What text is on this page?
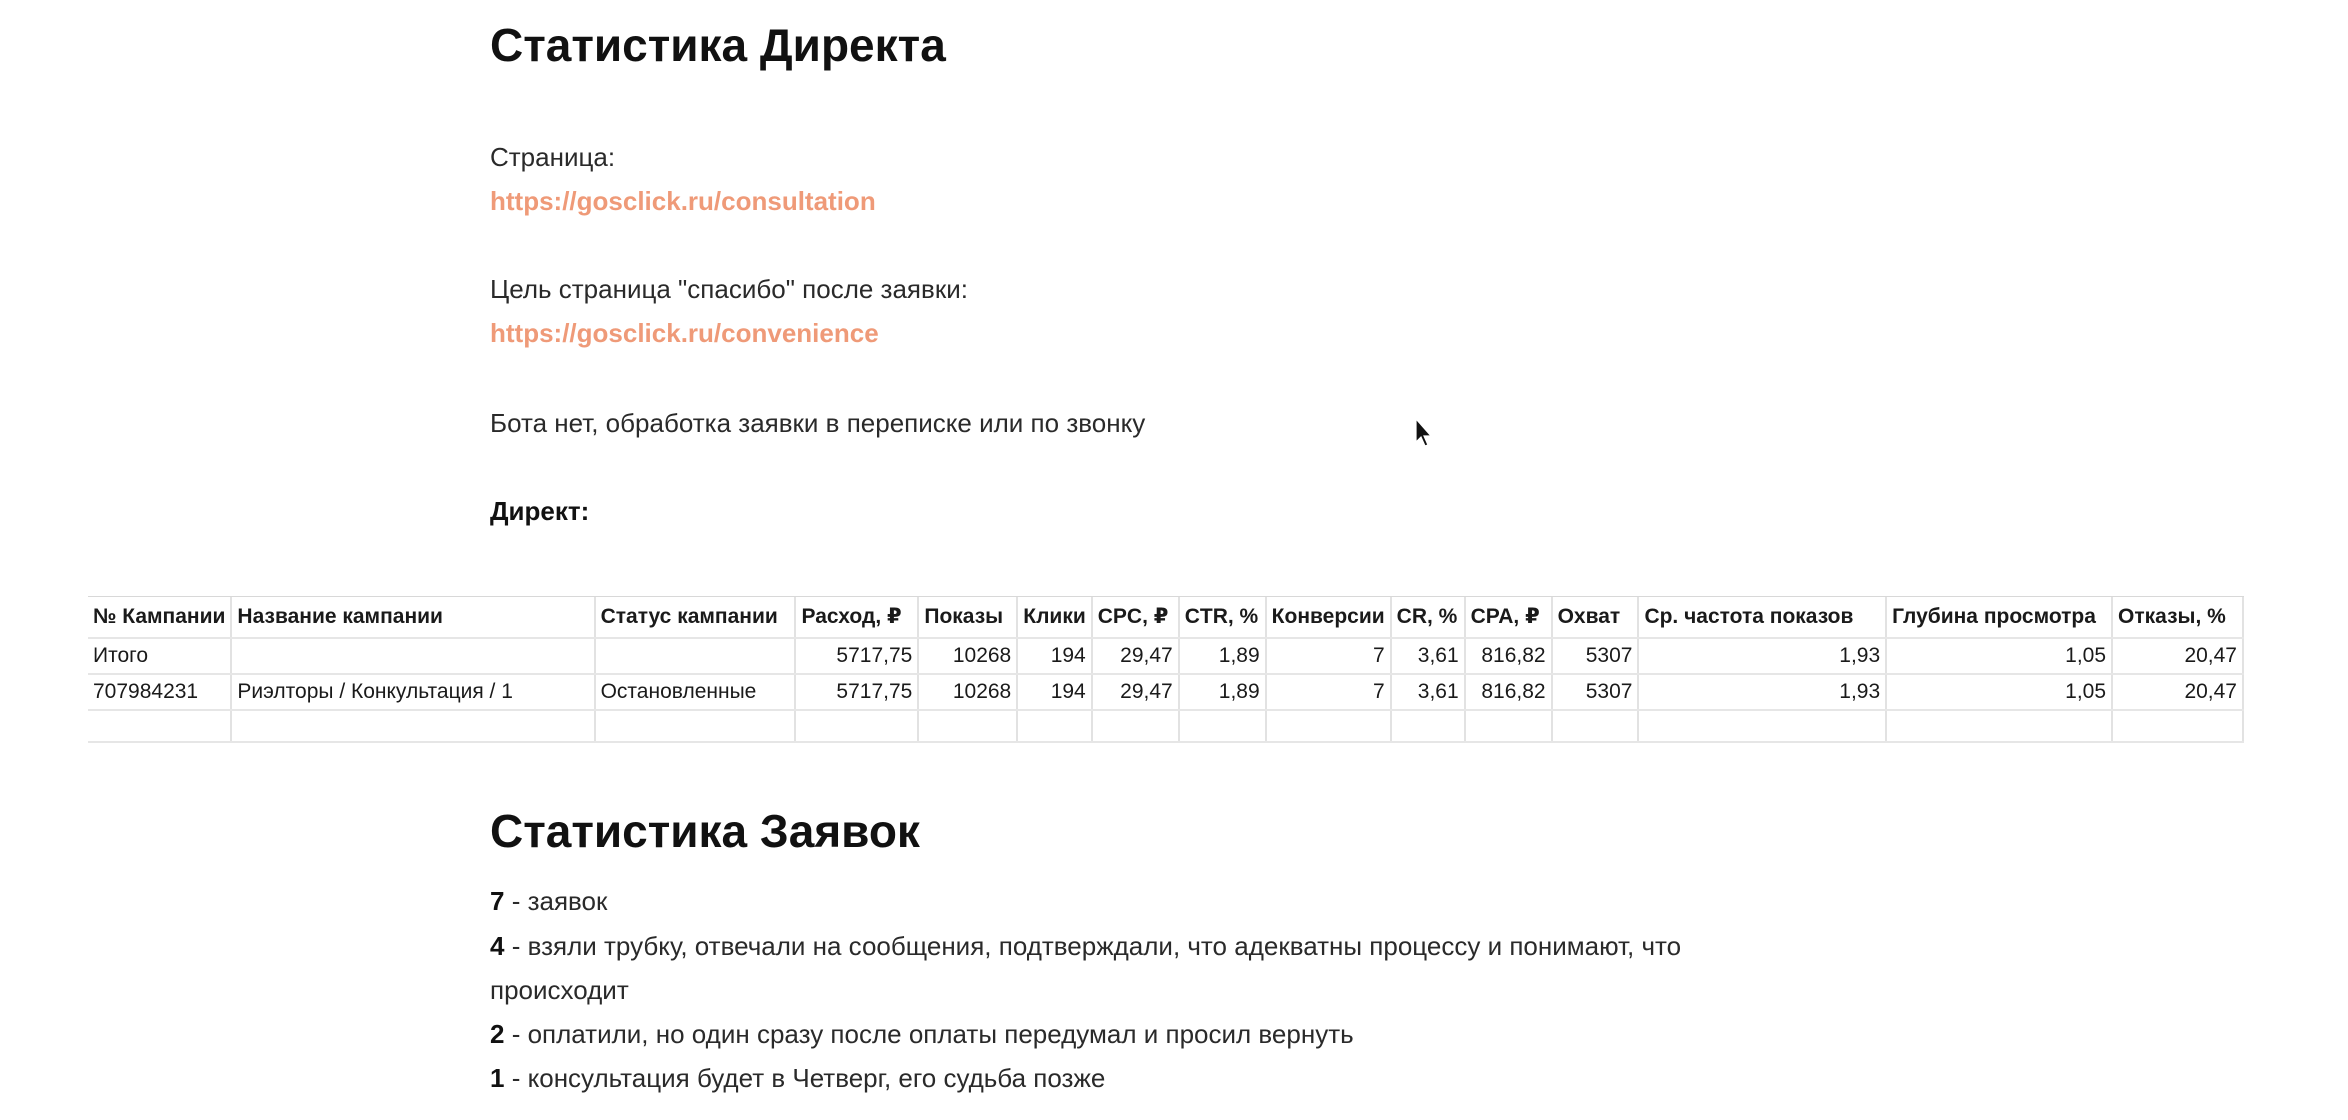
Статистика Директа
Страница:
https://gosclick.ru/consultation
Цель страница "спасибо" после заявки:
https://gosclick.ru/convenience
Бота нет, обработка заявки в переписке или по звонку
Директ:
Статистика Заявок
7 - заявок
4 - взяли трубку, отвечали на сообщения, подтверждали, что адекватны процессу и понимают, что
происходит
2 - оплатили, но один сразу после оплаты передумал и просил вернуть
1 - консультация будет в Четверг, его судьба позже
№ Кампании	Название кампании	Статус кампании	Расход, ₽	Показы	Клики	CPC, ₽	CTR, %	Конверсии	CR, %	CPA, ₽	Охват	Ср. частота показов	Глубина просмотра	Отказы, %
Итого			5717,75	10268	194	29,47	1,89	7	3,61	816,82	5307	1,93	1,05	20,47
707984231	Риэлторы / Конкультация / 1	Остановленные	5717,75	10268	194	29,47	1,89	7	3,61	816,82	5307	1,93	1,05	20,47
